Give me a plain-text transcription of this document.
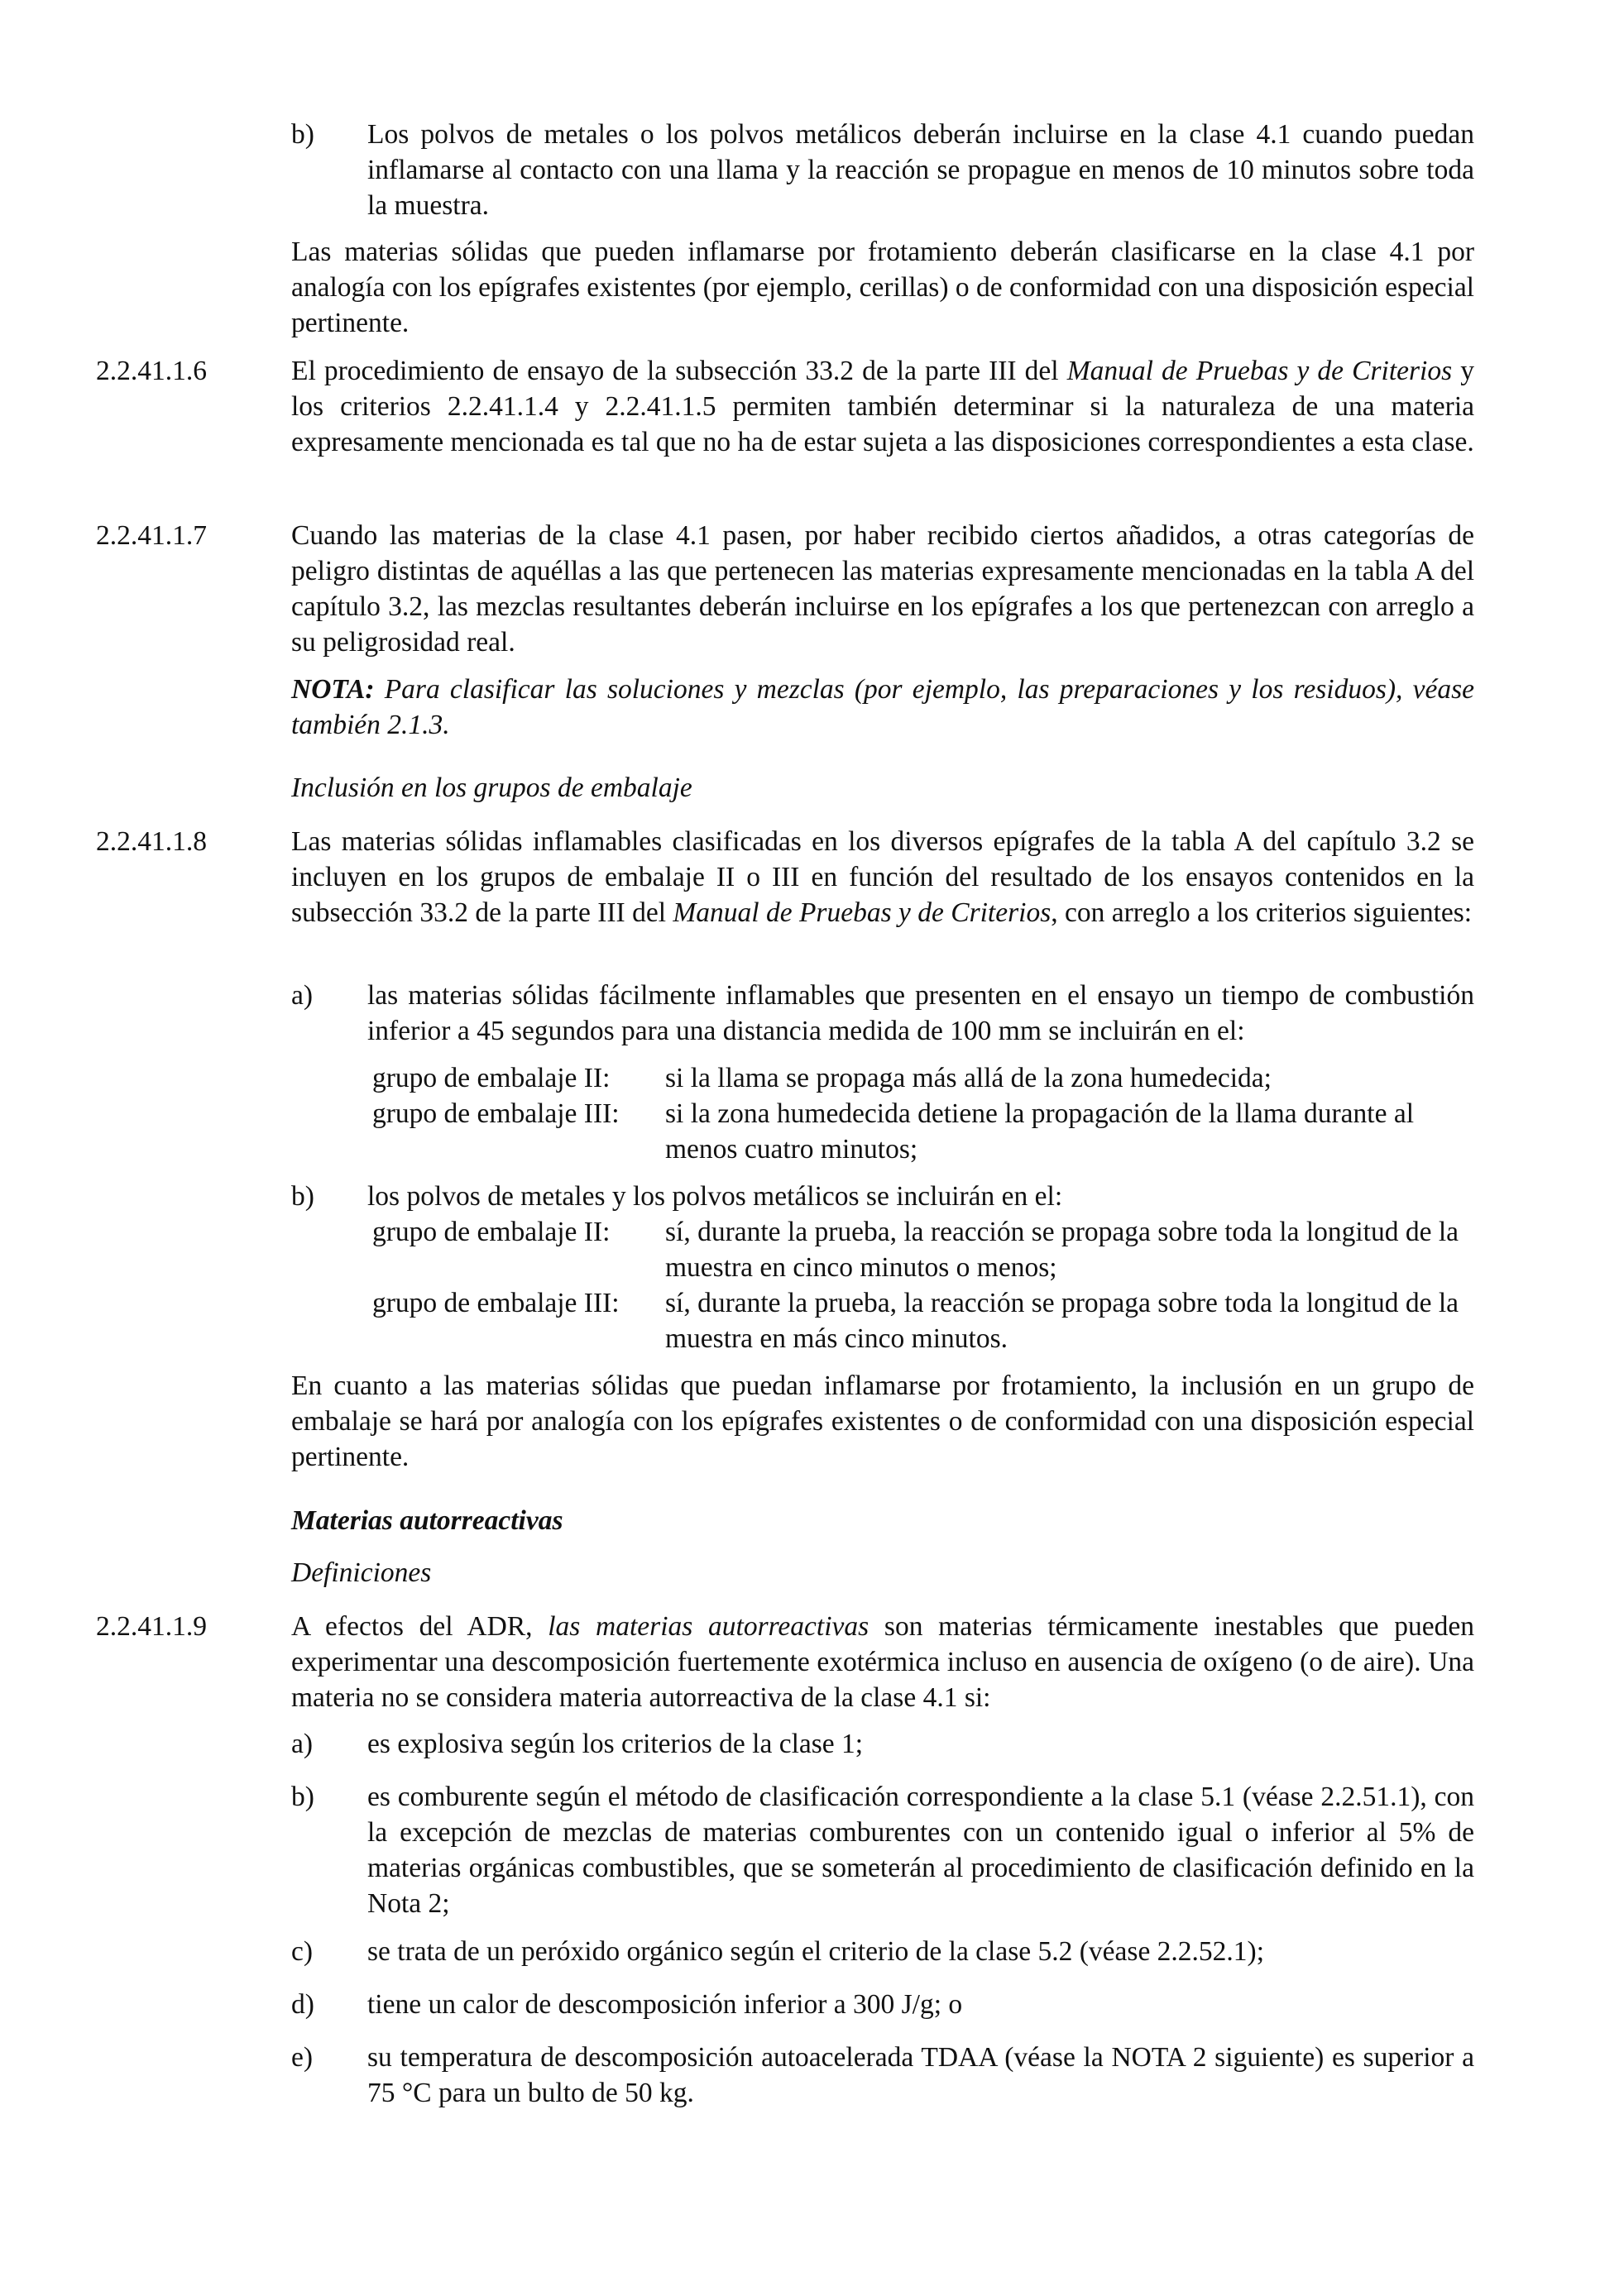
b) Los polvos de metales o los polvos metálicos deberán incluirse en la clase 4.1 cuando puedan inflamarse al contacto con una llama y la reacción se propague en menos de 10 minutos sobre toda la muestra.

Las materias sólidas que pueden inflamarse por frotamiento deberán clasificarse en la clase 4.1 por analogía con los epígrafes existentes (por ejemplo, cerillas) o de conformidad con una disposición especial pertinente.

2.2.41.1.6	El procedimiento de ensayo de la subsección 33.2 de la parte III del Manual de Pruebas y de Criterios y los criterios 2.2.41.1.4 y 2.2.41.1.5 permiten también determinar si la naturaleza de una materia expresamente mencionada es tal que no ha de estar sujeta a las disposiciones correspondientes a esta clase.

2.2.41.1.7	Cuando las materias de la clase 4.1 pasen, por haber recibido ciertos añadidos, a otras categorías de peligro distintas de aquéllas a las que pertenecen las materias expresamente mencionadas en la tabla A del capítulo 3.2, las mezclas resultantes deberán incluirse en los epígrafes a los que pertenezcan con arreglo a su peligrosidad real.

NOTA: Para clasificar las soluciones y mezclas (por ejemplo, las preparaciones y los residuos), véase también 2.1.3.

Inclusión en los grupos de embalaje

2.2.41.1.8	Las materias sólidas inflamables clasificadas en los diversos epígrafes de la tabla A del capítulo 3.2 se incluyen en los grupos de embalaje II o III en función del resultado de los ensayos contenidos en la subsección 33.2 de la parte III del Manual de Pruebas y de Criterios, con arreglo a los criterios siguientes:

a) las materias sólidas fácilmente inflamables que presenten en el ensayo un tiempo de combustión inferior a 45 segundos para una distancia medida de 100 mm se incluirán en el:

grupo de embalaje II: si la llama se propaga más allá de la zona humedecida;

grupo de embalaje III: si la zona humedecida detiene la propagación de la llama durante al menos cuatro minutos;

b) los polvos de metales y los polvos metálicos se incluirán en el:

grupo de embalaje II: sí, durante la prueba, la reacción se propaga sobre toda la longitud de la muestra en cinco minutos o menos;

grupo de embalaje III: sí, durante la prueba, la reacción se propaga sobre toda la longitud de la muestra en más cinco minutos.

En cuanto a las materias sólidas que puedan inflamarse por frotamiento, la inclusión en un grupo de embalaje se hará por analogía con los epígrafes existentes o de conformidad con una disposición especial pertinente.

Materias autorreactivas

Definiciones

2.2.41.1.9	A efectos del ADR, las materias autorreactivas son materias térmicamente inestables que pueden experimentar una descomposición fuertemente exotérmica incluso en ausencia de oxígeno (o de aire). Una materia no se considera materia autorreactiva de la clase 4.1 si:

a) es explosiva según los criterios de la clase 1;

b) es comburente según el método de clasificación correspondiente a la clase 5.1 (véase 2.2.51.1), con la excepción de mezclas de materias comburentes con un contenido igual o inferior al 5% de materias orgánicas combustibles, que se someterán al procedimiento de clasificación definido en la Nota 2;

c) se trata de un peróxido orgánico según el criterio de la clase 5.2 (véase 2.2.52.1);

d) tiene un calor de descomposición inferior a 300 J/g; o

e) su temperatura de descomposición autoacelerada TDAA (véase la NOTA 2 siguiente) es superior a 75 °C para un bulto de 50 kg.
